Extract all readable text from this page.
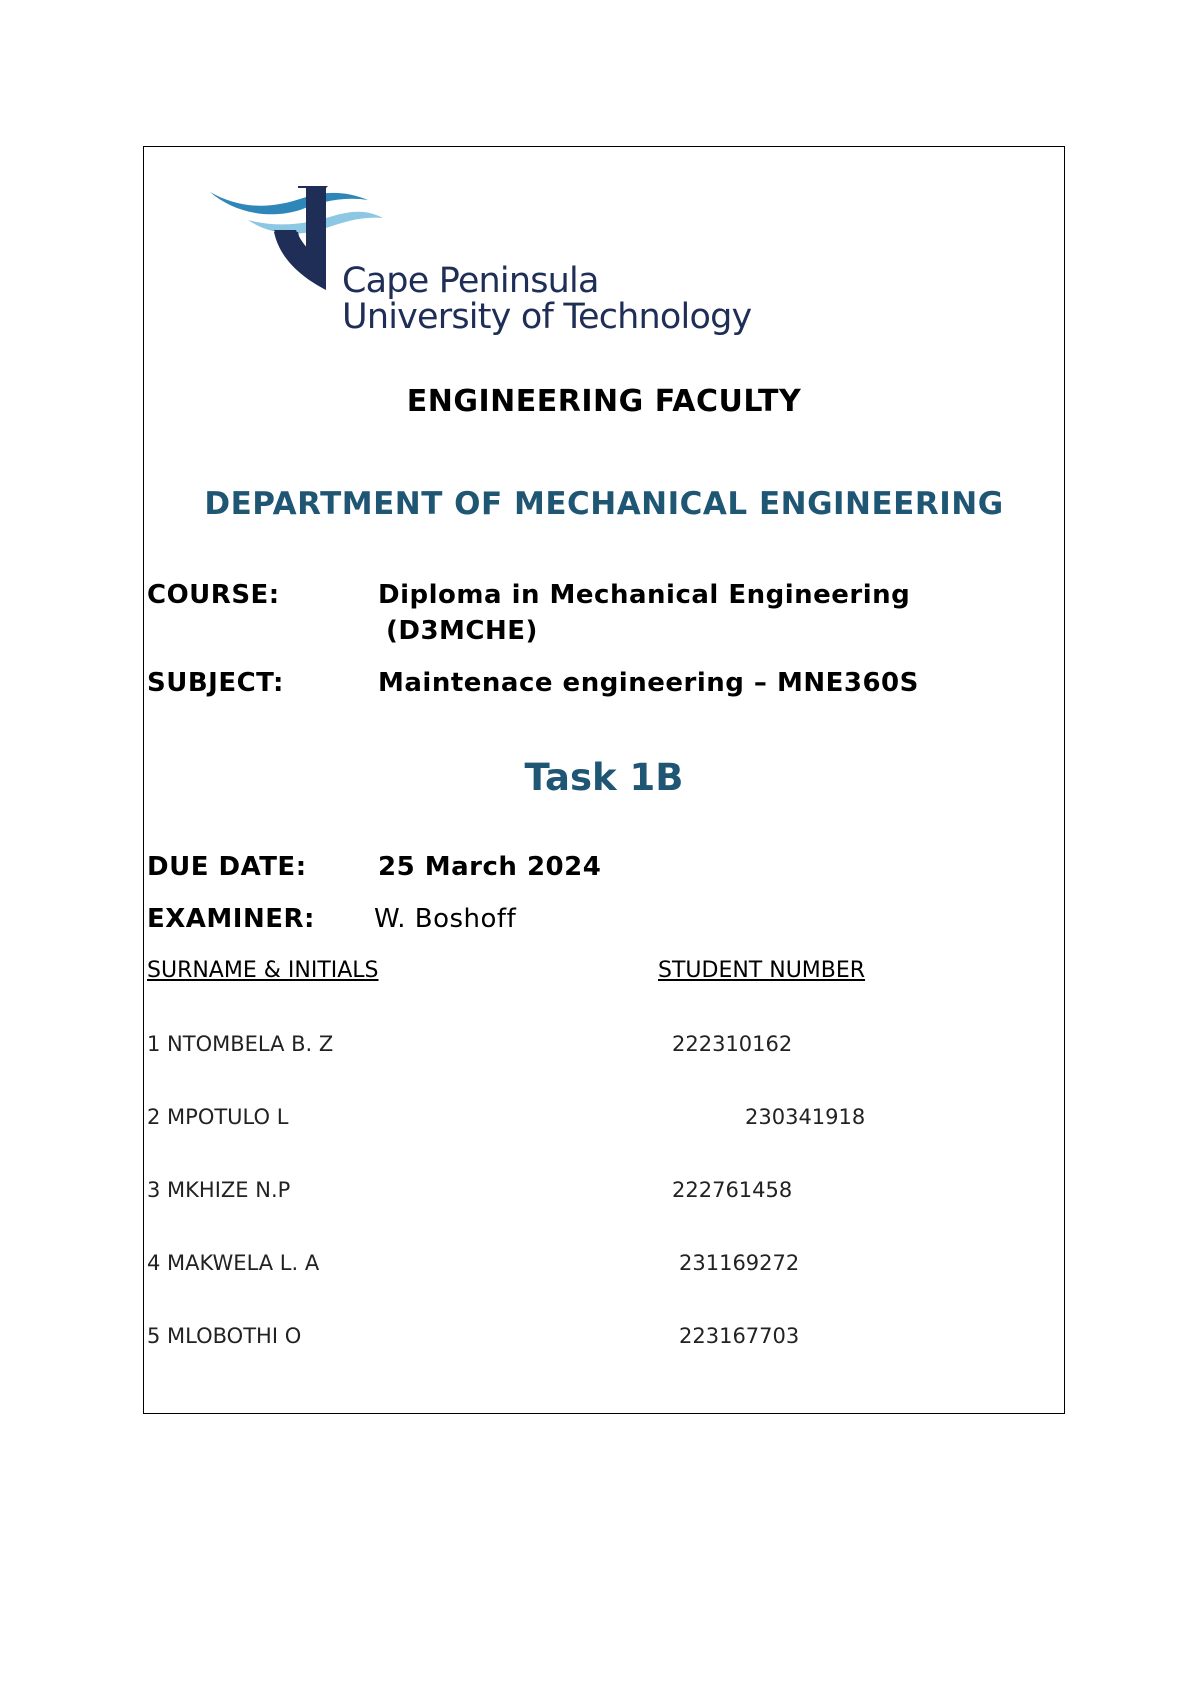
Cape Peninsula
University of Technology
ENGINEERING FACULTY
DEPARTMENT OF MECHANICAL ENGINEERING
COURSE:	Diploma in Mechanical Engineering
(D3MCHE)
SUBJECT:	Maintenace engineering – MNE360S
Task 1B
DUE DATE:	25 March 2024
EXAMINER: W. Boshoff
SURNAME & INITIALS	STUDENT NUMBER
1 NTOMBELA B. Z	222310162
2 MPOTULO L	230341918
3 MKHIZE N.P	222761458
4 MAKWELA L. A	231169272
5 MLOBOTHI O	223167703
